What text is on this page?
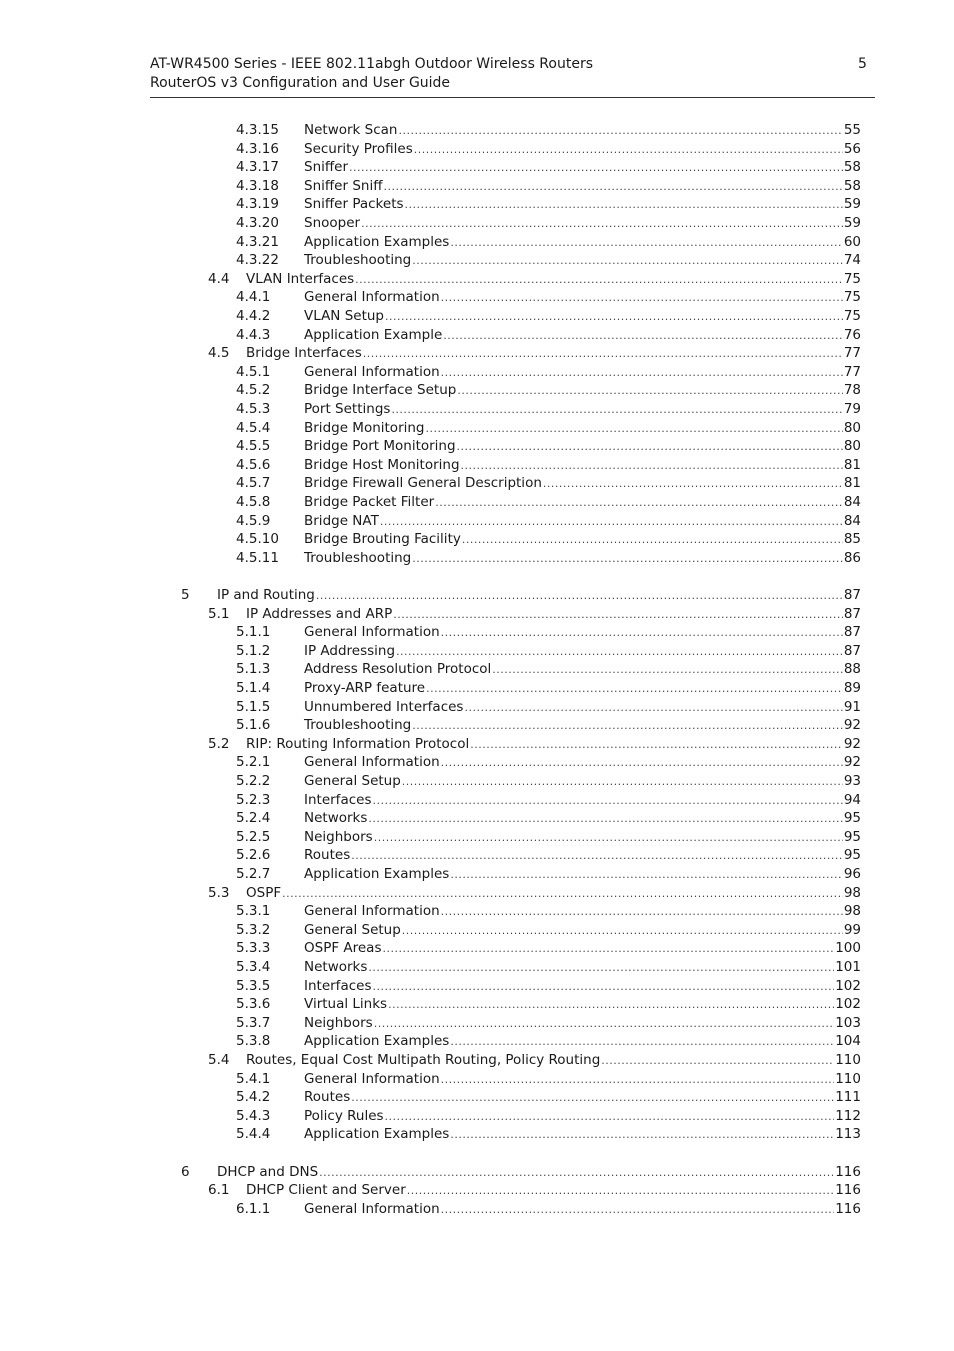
AT-WR4500 Series - IEEE 802.11abgh Outdoor Wireless Routers
RouterOS v3 Configuration and User Guide
5
4.3.15 Network Scan .....	55
4.3.16 Security Profiles .....	56
4.3.17 Sniffer .....	58
4.3.18 Sniffer Sniff .....	58
4.3.19 Sniffer Packets .....	59
4.3.20 Snooper .....	59
4.3.21 Application Examples .....	60
4.3.22 Troubleshooting .....	74
4.4 VLAN Interfaces .....	75
4.4.1 General Information .....	75
4.4.2 VLAN Setup .....	75
4.4.3 Application Example .....	76
4.5 Bridge Interfaces .....	77
4.5.1 General Information .....	77
4.5.2 Bridge Interface Setup .....	78
4.5.3 Port Settings .....	79
4.5.4 Bridge Monitoring .....	80
4.5.5 Bridge Port Monitoring .....	80
4.5.6 Bridge Host Monitoring .....	81
4.5.7 Bridge Firewall General Description .....	81
4.5.8 Bridge Packet Filter .....	84
4.5.9 Bridge NAT .....	84
4.5.10 Bridge Brouting Facility .....	85
4.5.11 Troubleshooting .....	86
5 IP and Routing .....	87
5.1 IP Addresses and ARP .....	87
5.1.1 General Information .....	87
5.1.2 IP Addressing .....	87
5.1.3 Address Resolution Protocol .....	88
5.1.4 Proxy-ARP feature .....	89
5.1.5 Unnumbered Interfaces .....	91
5.1.6 Troubleshooting .....	92
5.2 RIP: Routing Information Protocol .....	92
5.2.1 General Information .....	92
5.2.2 General Setup .....	93
5.2.3 Interfaces .....	94
5.2.4 Networks .....	95
5.2.5 Neighbors .....	95
5.2.6 Routes .....	95
5.2.7 Application Examples .....	96
5.3 OSPF .....	98
5.3.1 General Information .....	98
5.3.2 General Setup .....	99
5.3.3 OSPF Areas .....	100
5.3.4 Networks .....	101
5.3.5 Interfaces .....	102
5.3.6 Virtual Links .....	102
5.3.7 Neighbors .....	103
5.3.8 Application Examples .....	104
5.4 Routes, Equal Cost Multipath Routing, Policy Routing .....	110
5.4.1 General Information .....	110
5.4.2 Routes .....	111
5.4.3 Policy Rules .....	112
5.4.4 Application Examples .....	113
6 DHCP and DNS .....	116
6.1 DHCP Client and Server .....	116
6.1.1 General Information .....	116
